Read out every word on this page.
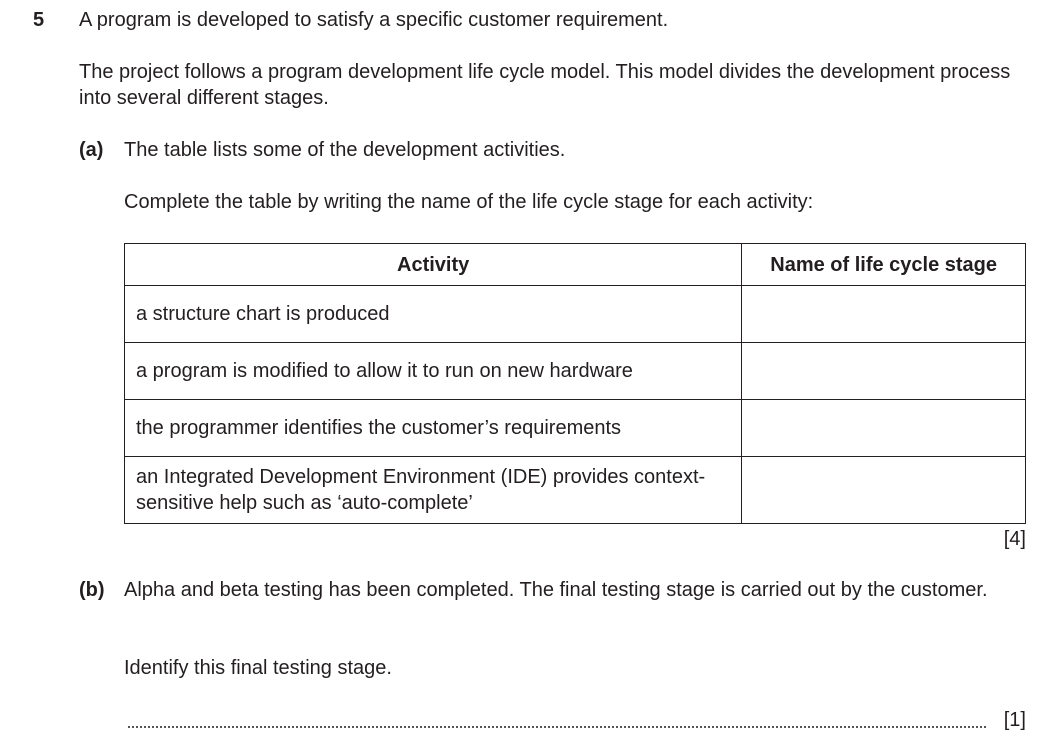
5 A program is developed to satisfy a specific customer requirement.
The project follows a program development life cycle model. This model divides the development process into several different stages.
(a) The table lists some of the development activities.
Complete the table by writing the name of the life cycle stage for each activity:
Activity	Name of life cycle stage
a structure chart is produced	
a program is modified to allow it to run on new hardware	
the programmer identifies the customer’s requirements	
an Integrated Development Environment (IDE) provides context-sensitive help such as ‘auto-complete’	
[4]
(b) Alpha and beta testing has been completed. The final testing stage is carried out by the customer.
Identify this final testing stage.
[1]
